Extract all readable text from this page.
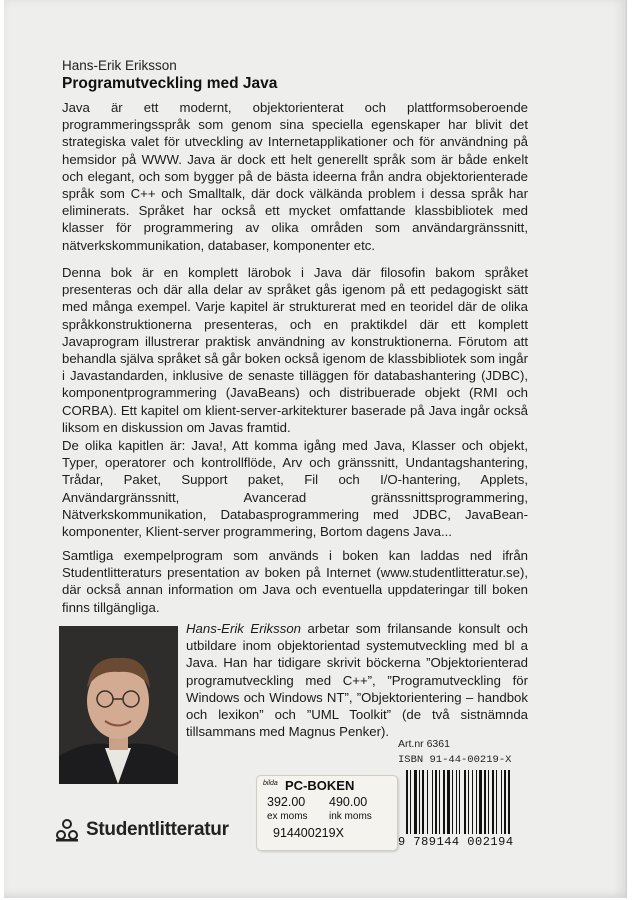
Hans-Erik Eriksson
Programutveckling med Java

Java är ett modernt, objektorienterat och plattformsoberoende programmeringsspråk som genom sina speciella egenskaper har blivit det strategiska valet för utveckling av Internetapplikationer och för användning på hemsidor på WWW. Java är dock ett helt generellt språk som är både enkelt och elegant, och som bygger på de bästa ideerna från andra objektorienterade språk som C++ och Smalltalk, där dock välkända problem i dessa språk har eliminerats. Språket har också ett mycket omfattande klassbibliotek med klasser för programmering av olika områden som användargränssnitt, nätverkskommunikation, databaser, komponenter etc.

Denna bok är en komplett lärobok i Java där filosofin bakom språket presenteras och där alla delar av språket gås igenom på ett pedagogiskt sätt med många exempel. Varje kapitel är strukturerat med en teoridel där de olika språkkonstruktionerna presenteras, och en praktikdel där ett komplett Javaprogram illustrerar praktisk användning av konstruktionerna. Förutom att behandla själva språket så går boken också igenom de klassbibliotek som ingår i Javastandarden, inklusive de senaste tilläggen för databashantering (JDBC), komponentprogrammering (JavaBeans) och distribuerade objekt (RMI och CORBA). Ett kapitel om klient-server-arkitekturer baserade på Java ingår också liksom en diskussion om Javas framtid.

De olika kapitlen är: Java!, Att komma igång med Java, Klasser och objekt, Typer, operatorer och kontrollflöde, Arv och gränssnitt, Undantagshantering, Trådar, Paket, Support paket, Fil och I/O-hantering, Applets, Användargränssnitt, Avancerad gränssnittsprogrammering, Nätverkskommunikation, Databasprogrammering med JDBC, JavaBean-komponenter, Klient-server programmering, Bortom dagens Java...

Samtliga exempelprogram som används i boken kan laddas ned ifrån Studentlitteraturs presentation av boken på Internet (www.studentlitteratur.se), där också annan information om Java och eventuella uppdateringar till boken finns tillgängliga.

Hans-Erik Eriksson arbetar som frilansande konsult och utbildare inom objektorientad systemutveckling med bl a Java. Han har tidigare skrivit böckerna ”Objektorienterad programutveckling med C++”, ”Programutveckling för Windows och Windows NT”, ”Objektorientering – handbok och lexikon” och ”UML Toolkit” (de två sistnämnda tillsammans med Magnus Penker).

Art.nr 6361
ISBN 91-44-00219-X
Studentlitteratur
bilda PC-BOKEN
392.00 490.00
ex moms ink moms
914400219X
9 789144 002194
